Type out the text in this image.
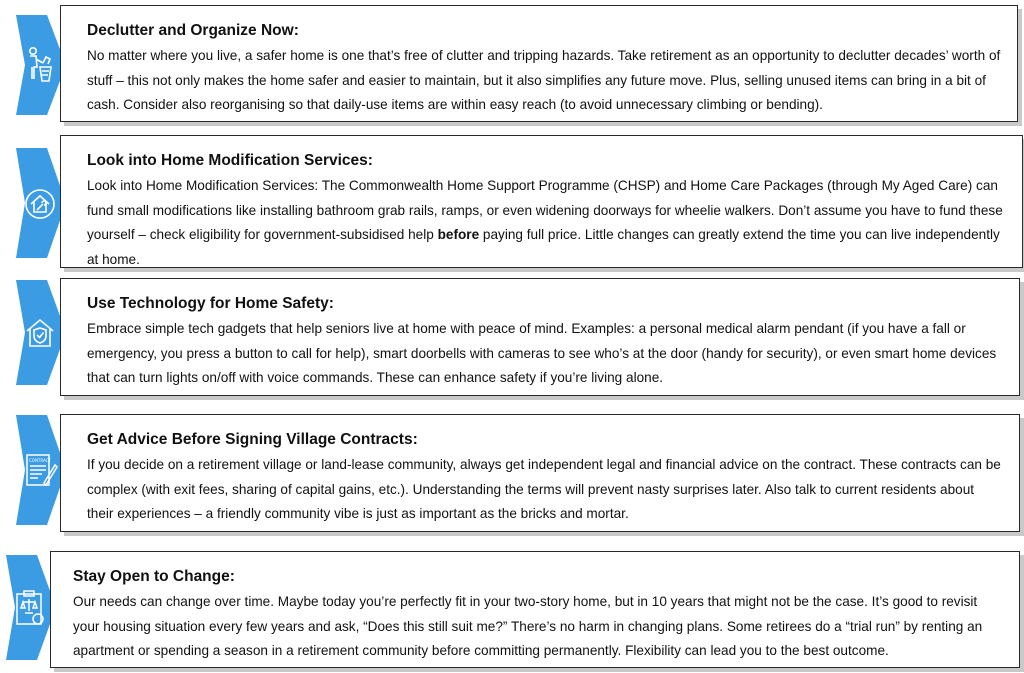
Declutter and Organize Now:

No matter where you live, a safer home is one that’s free of clutter and tripping hazards. Take retirement as an opportunity to declutter decades’ worth of stuff – this not only makes the home safer and easier to maintain, but it also simplifies any future move. Plus, selling unused items can bring in a bit of cash. Consider also reorganising so that daily-use items are within easy reach (to avoid unnecessary climbing or bending).

Look into Home Modification Services:

Look into Home Modification Services: The Commonwealth Home Support Programme (CHSP) and Home Care Packages (through My Aged Care) can fund small modifications like installing bathroom grab rails, ramps, or even widening doorways for wheelie walkers. Don’t assume you have to fund these yourself – check eligibility for government-subsidised help before paying full price. Little changes can greatly extend the time you can live independently at home.

Use Technology for Home Safety:

Embrace simple tech gadgets that help seniors live at home with peace of mind. Examples: a personal medical alarm pendant (if you have a fall or emergency, you press a button to call for help), smart doorbells with cameras to see who’s at the door (handy for security), or even smart home devices that can turn lights on/off with voice commands. These can enhance safety if you’re living alone.

CONTRACT

Get Advice Before Signing Village Contracts:

If you decide on a retirement village or land-lease community, always get independent legal and financial advice on the contract. These contracts can be complex (with exit fees, sharing of capital gains, etc.). Understanding the terms will prevent nasty surprises later. Also talk to current residents about their experiences – a friendly community vibe is just as important as the bricks and mortar.

Stay Open to Change:

Our needs can change over time. Maybe today you’re perfectly fit in your two-story home, but in 10 years that might not be the case. It’s good to revisit your housing situation every few years and ask, “Does this still suit me?” There’s no harm in changing plans. Some retirees do a “trial run” by renting an apartment or spending a season in a retirement community before committing permanently. Flexibility can lead you to the best outcome.
